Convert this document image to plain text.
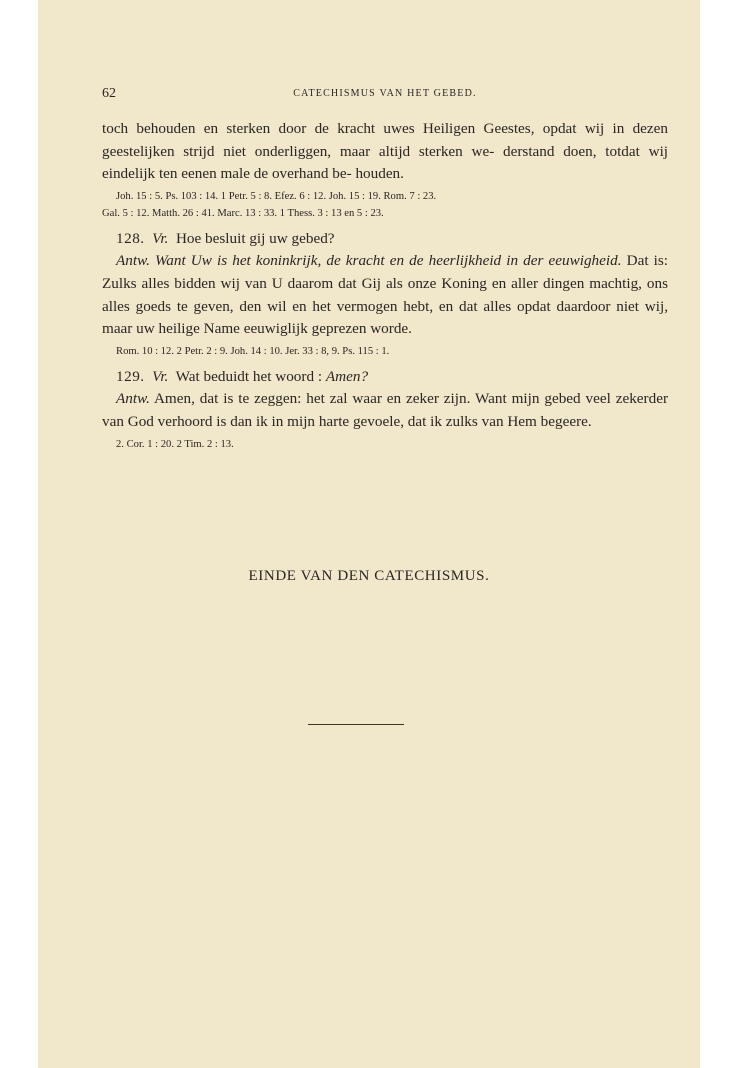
62	CATECHISMUS VAN HET GEBED.

toch behouden en sterken door de kracht uwes Heiligen Geestes, opdat wij in dezen geestelijken strijd niet onderliggen, maar altijd sterken we- derstand doen, totdat wij eindelijk ten eenen male de overhand be- houden.

Joh. 15 : 5. Ps. 103 : 14. 1 Petr. 5 : 8. Efez. 6 : 12. Joh. 15 : 19. Rom. 7 : 23.
Gal. 5 : 12. Matth. 26 : 41. Marc. 13 : 33. 1 Thess. 3 : 13 en 5 : 23.

128. Vr. Hoe besluit gij uw gebed?

Antw. Want Uw is het koninkrijk, de kracht en de heerlijkheid in der eeuwigheid. Dat is: Zulks alles bidden wij van U daarom dat Gij als onze Koning en aller dingen machtig, ons alles goeds te geven, den wil en het vermogen hebt, en dat alles opdat daardoor niet wij, maar uw heilige Name eeuwiglijk geprezen worde.

Rom. 10 : 12. 2 Petr. 2 : 9. Joh. 14 : 10. Jer. 33 : 8, 9. Ps. 115 : 1.

129. Vr. Wat beduidt het woord : Amen?

Antw. Amen, dat is te zeggen: het zal waar en zeker zijn. Want mijn gebed veel zekerder van God verhoord is dan ik in mijn harte gevoele, dat ik zulks van Hem begeere.

2. Cor. 1 : 20. 2 Tim. 2 : 13.
EINDE VAN DEN CATECHISMUS.
